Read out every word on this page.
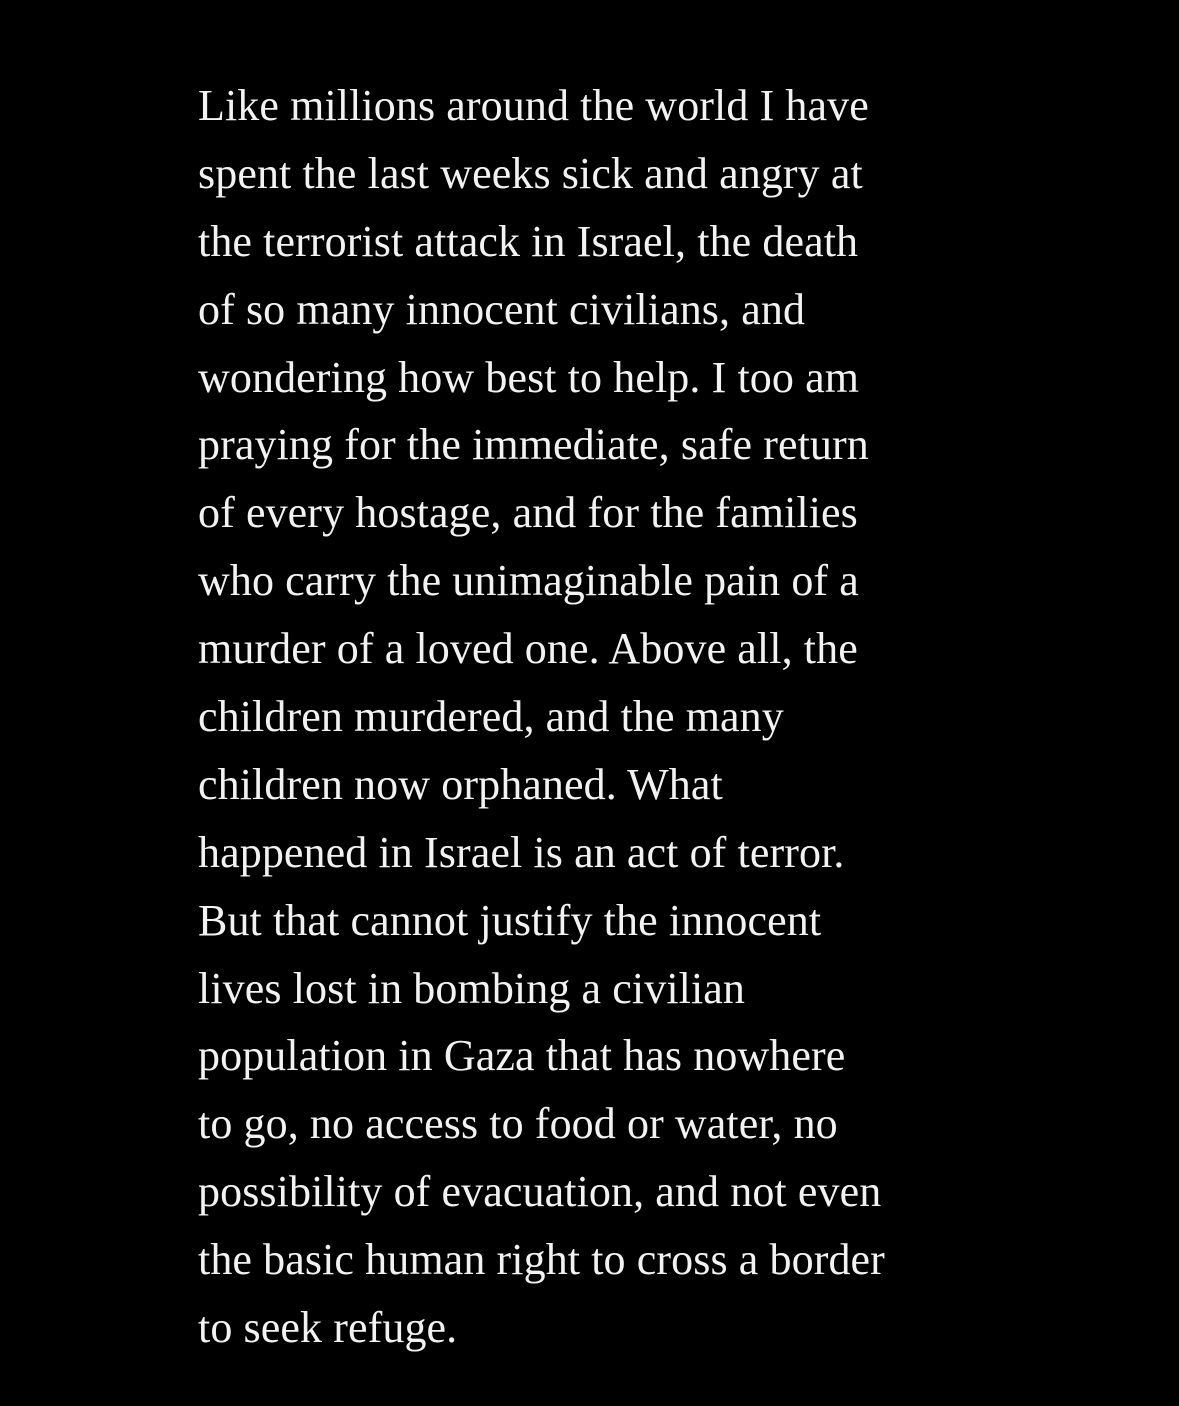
Like millions around the world I have
spent the last weeks sick and angry at
the terrorist attack in Israel, the death
of so many innocent civilians, and
wondering how best to help. I too am
praying for the immediate, safe return
of every hostage, and for the families
who carry the unimaginable pain of a
murder of a loved one. Above all, the
children murdered, and the many
children now orphaned. What
happened in Israel is an act of terror.
But that cannot justify the innocent
lives lost in bombing a civilian
population in Gaza that has nowhere
to go, no access to food or water, no
possibility of evacuation, and not even
the basic human right to cross a border
to seek refuge.
